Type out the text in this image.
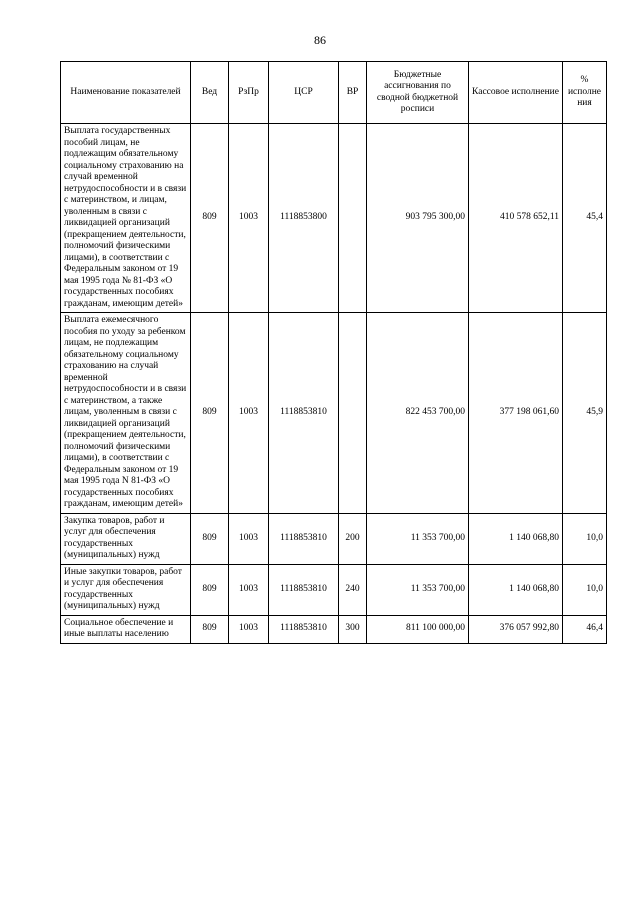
86
Наименование показателей	Вед	РзПр	ЦСР	ВР	Бюджетные ассигнования по сводной бюджетной росписи	Кассовое исполнение	% исполне ния
Выплата государственных пособий лицам, не подлежащим обязательному социальному страхованию на случай временной нетрудоспособности и в связи с материнством, и лицам, уволенным в связи с ликвидацией организаций (прекращением деятельности, полномочий физическими лицами), в соответствии с Федеральным законом от 19 мая 1995 года № 81-ФЗ «О государственных пособиях гражданам, имеющим детей»	809	1003	1118853800		903 795 300,00	410 578 652,11	45,4
Выплата ежемесячного пособия по уходу за ребенком лицам, не подлежащим обязательному социальному страхованию на случай временной нетрудоспособности и в связи с материнством, а также лицам, уволенным в связи с ликвидацией организаций (прекращением деятельности, полномочий физическими лицами), в соответствии с Федеральным законом от 19 мая 1995 года N 81-ФЗ «О государственных пособиях гражданам, имеющим детей»	809	1003	1118853810		822 453 700,00	377 198 061,60	45,9
Закупка товаров, работ и услуг для обеспечения государственных (муниципальных) нужд	809	1003	1118853810	200	11 353 700,00	1 140 068,80	10,0
Иные закупки товаров, работ и услуг для обеспечения государственных (муниципальных) нужд	809	1003	1118853810	240	11 353 700,00	1 140 068,80	10,0
Социальное обеспечение и иные выплаты населению	809	1003	1118853810	300	811 100 000,00	376 057 992,80	46,4
